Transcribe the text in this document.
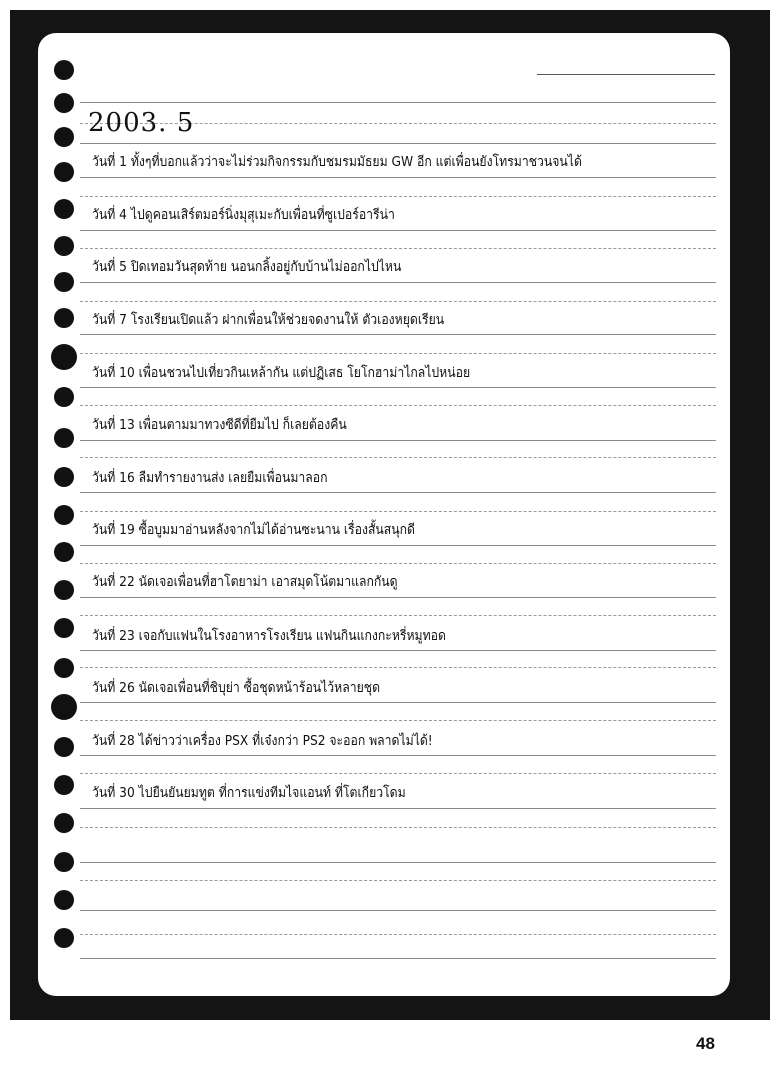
2003. 5
วันที่ 1 ทั้งๆที่บอกแล้วว่าจะไม่ร่วมกิจกรรมกับชมรมมัธยม GW อีก แต่เพื่อนยังโทรมาชวนจนได้
วันที่ 4 ไปดูคอนเสิร์ตมอร์นิ่งมุสุเมะกับเพื่อนที่ซูเปอร์อารีน่า
วันที่ 5 ปิดเทอมวันสุดท้าย นอนกลิ้งอยู่กับบ้านไม่ออกไปไหน
วันที่ 7 โรงเรียนเปิดแล้ว ฝากเพื่อนให้ช่วยจดงานให้ ตัวเองหยุดเรียน
วันที่ 10 เพื่อนชวนไปเที่ยวกินเหล้ากัน แต่ปฏิเสธ โยโกฮาม่าไกลไปหน่อย
วันที่ 13 เพื่อนตามมาทวงซีดีที่ยืมไป ก็เลยต้องคืน
วันที่ 16 ลืมทำรายงานส่ง เลยยืมเพื่อนมาลอก
วันที่ 19 ซื้อบูมมาอ่านหลังจากไม่ได้อ่านซะนาน เรื่องสั้นสนุกดี
วันที่ 22 นัดเจอเพื่อนที่ฮาโตยาม่า เอาสมุดโน้ตมาแลกกันดู
วันที่ 23 เจอกับแฟนในโรงอาหารโรงเรียน แฟนกินแกงกะหรี่หมูทอด
วันที่ 26 นัดเจอเพื่อนที่ชิบุย่า ซื้อชุดหน้าร้อนไว้หลายชุด
วันที่ 28 ได้ข่าวว่าเครื่อง PSX ที่เจ๋งกว่า PS2 จะออก พลาดไม่ได้!
วันที่ 30 ไปยืนยันยมทูต ที่การแข่งทีมไจแอนท์ ที่โตเกียวโดม
48
